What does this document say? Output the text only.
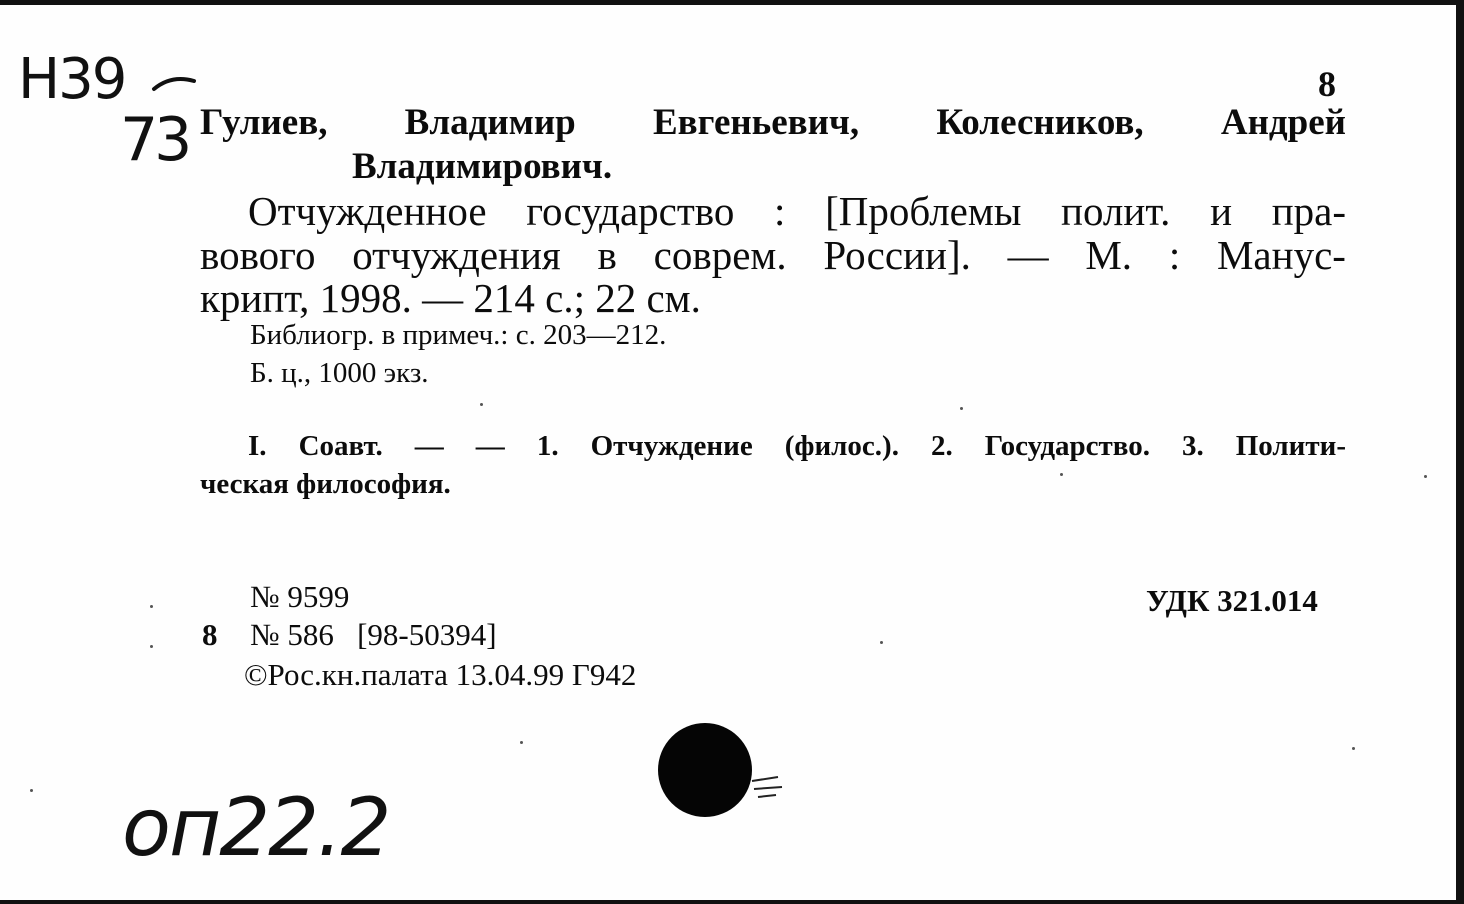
Н39
73
8
Гулиев, Владимир Евгеньевич, Колесников, Андрей
Владимирович.
Отчужденное государство : [Проблемы полит. и пра-
вового отчуждения в соврем. России]. — М. : Манус-
крипт, 1998. — 214 с.; 22 см.
Библиогр. в примеч.: с. 203—212.
Б. ц., 1000 экз.
I. Соавт. — — 1. Отчуждение (филос.). 2. Государство. 3. Полити-
ческая философия.
№ 9599
8 № 586   [98-50394]
©Рос.кн.палата 13.04.99 Г942
УДК 321.014
оп22.2
